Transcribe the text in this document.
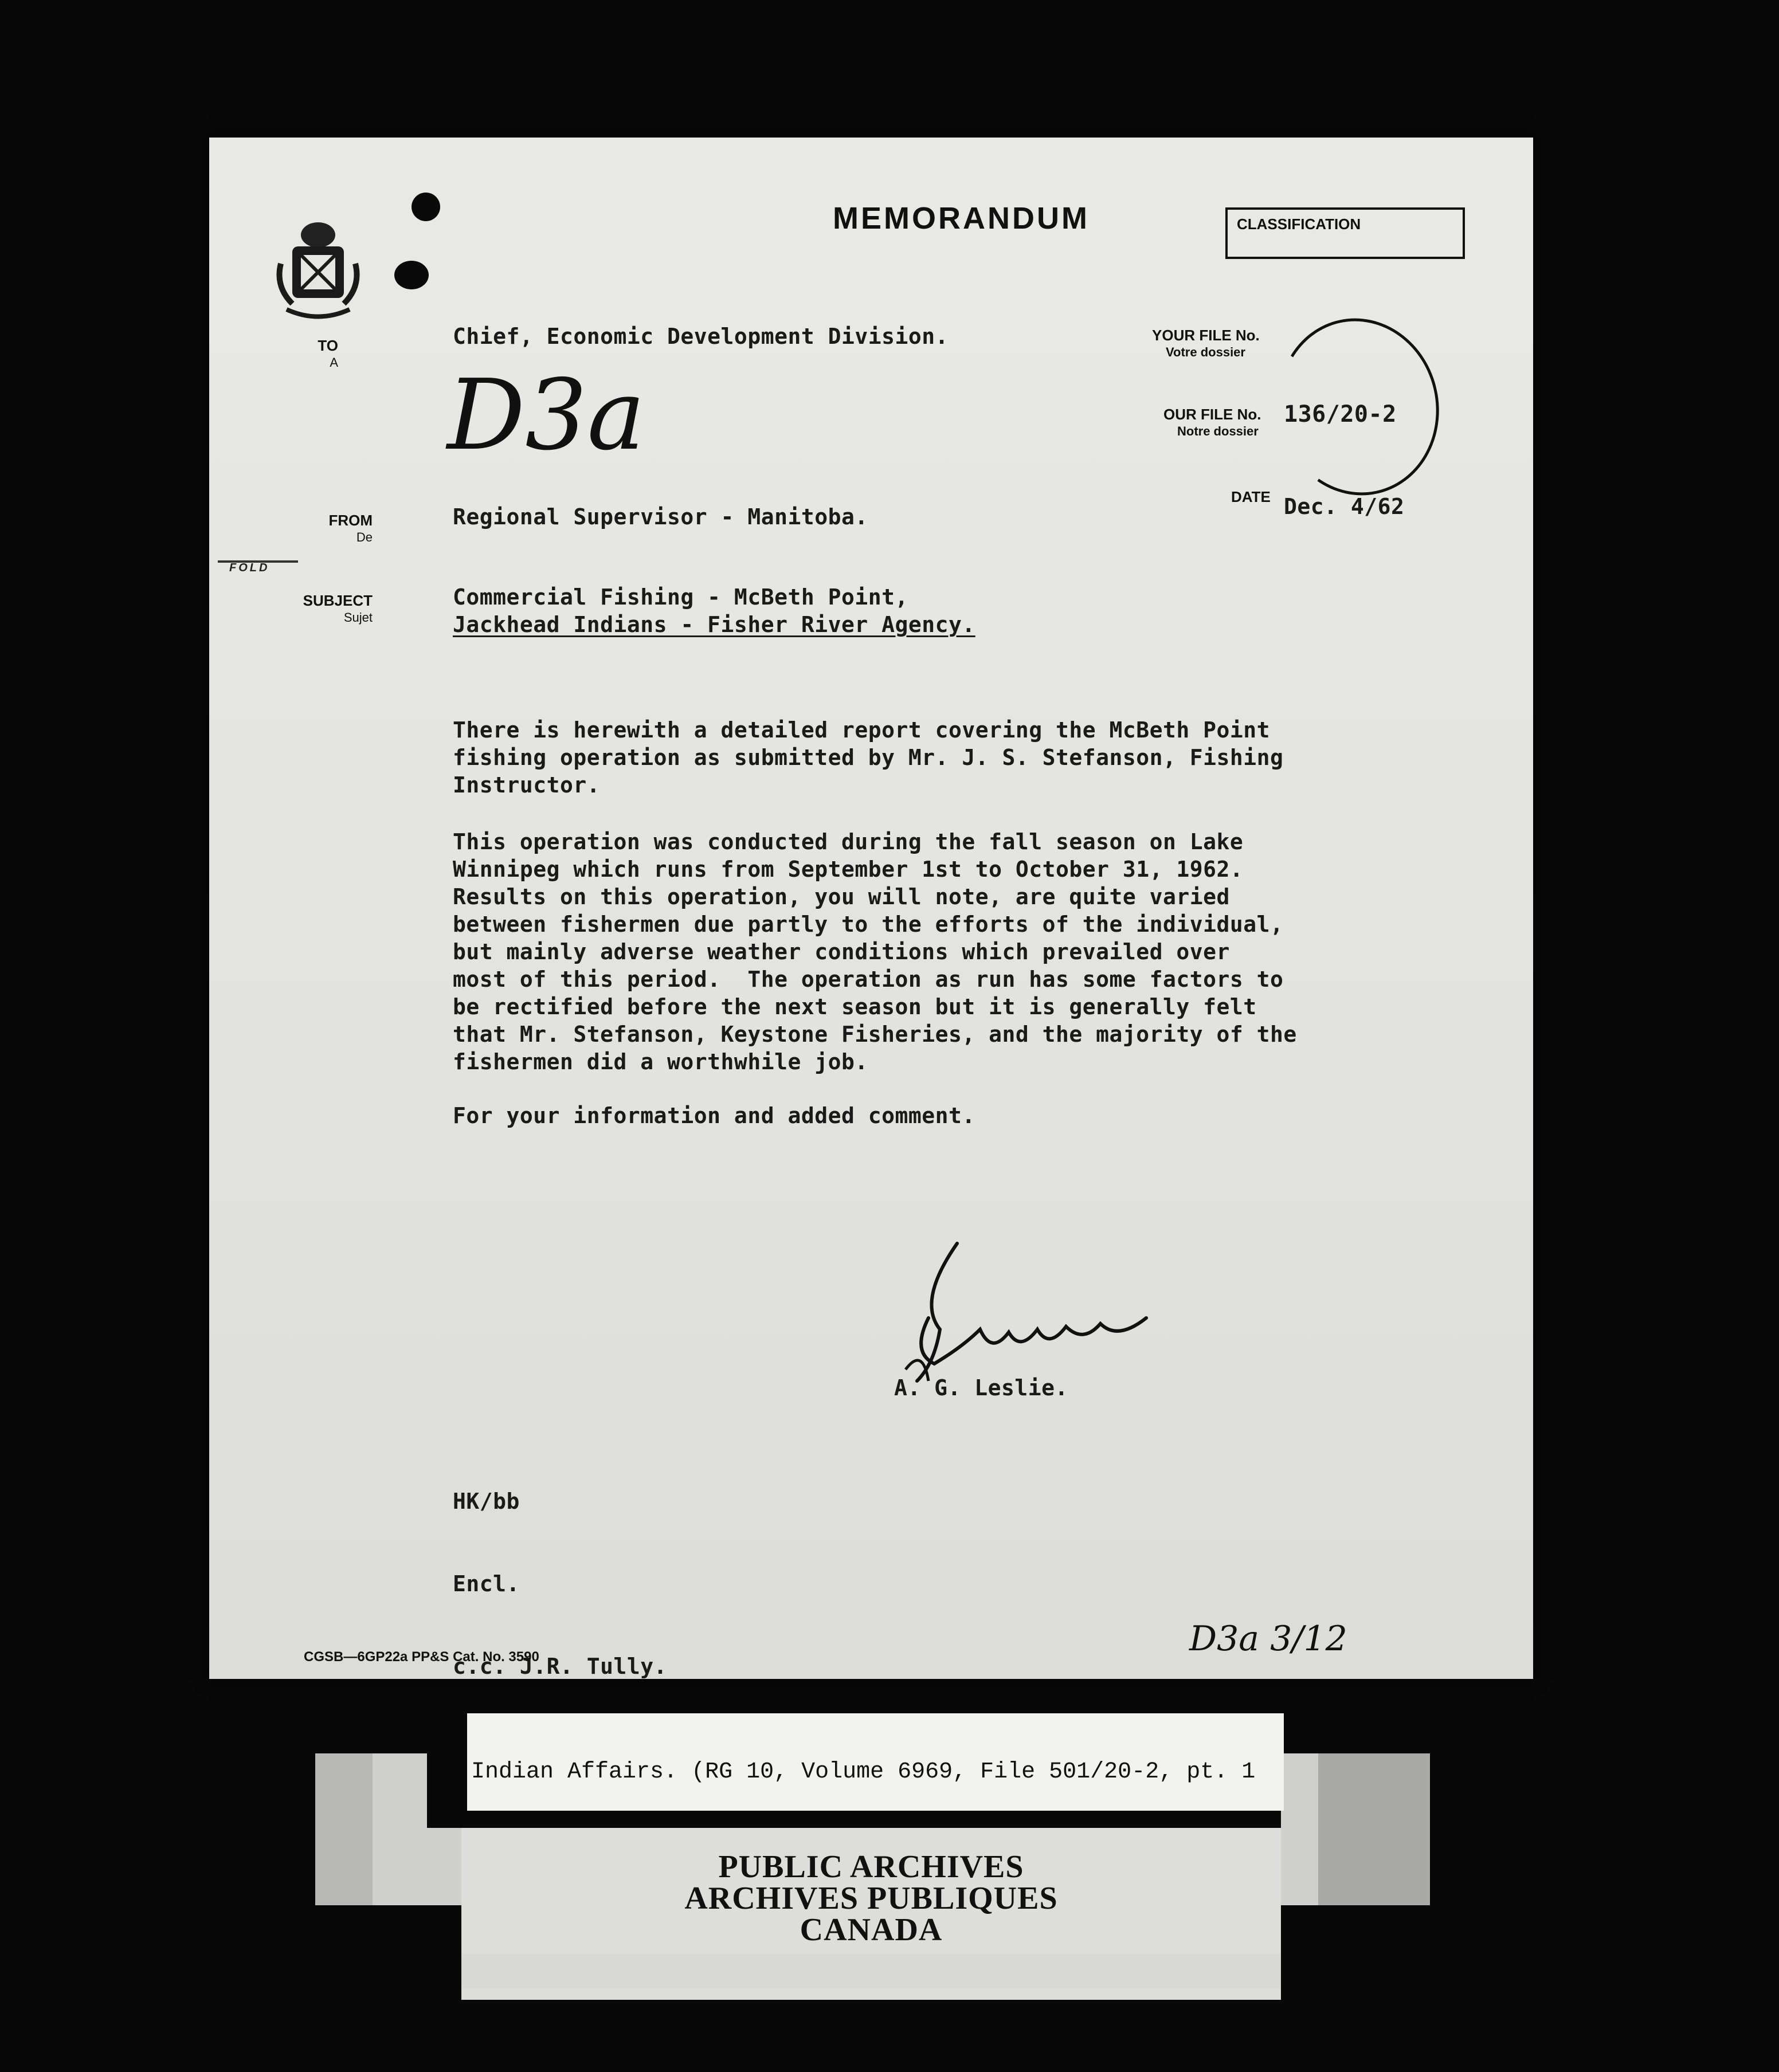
MEMORANDUM	CLASSIFICATION
TO
A
FROM
De
SUBJECT
Sujet
YOUR FILE No.
Votre dossier
OUR FILE No.
Notre dossier
DATE
Chief, Economic Development Division.
D3a	136/20-2
Regional Supervisor - Manitoba.	Dec. 4/62
FOLD
Commercial Fishing - McBeth Point,
Jackhead Indians - Fisher River Agency.
There is herewith a detailed report covering the McBeth Point
fishing operation as submitted by Mr. J. S. Stefanson, Fishing
Instructor.
This operation was conducted during the fall season on Lake
Winnipeg which runs from September 1st to October 31, 1962.
Results on this operation, you will note, are quite varied
between fishermen due partly to the efforts of the individual,
but mainly adverse weather conditions which prevailed over
most of this period.  The operation as run has some factors to
be rectified before the next season but it is generally felt
that Mr. Stefanson, Keystone Fisheries, and the majority of the
fishermen did a worthwhile job.
For your information and added comment.
A. G. Leslie.

HK/bb

Encl.

c.c. J.R. Tully.

CGSB—6GP22a PP&S Cat. No. 3590	D3a 3/12
Indian Affairs. (RG 10, Volume 6969, File 501/20-2, pt. 1
PUBLIC ARCHIVES
ARCHIVES PUBLIQUES
CANADA
